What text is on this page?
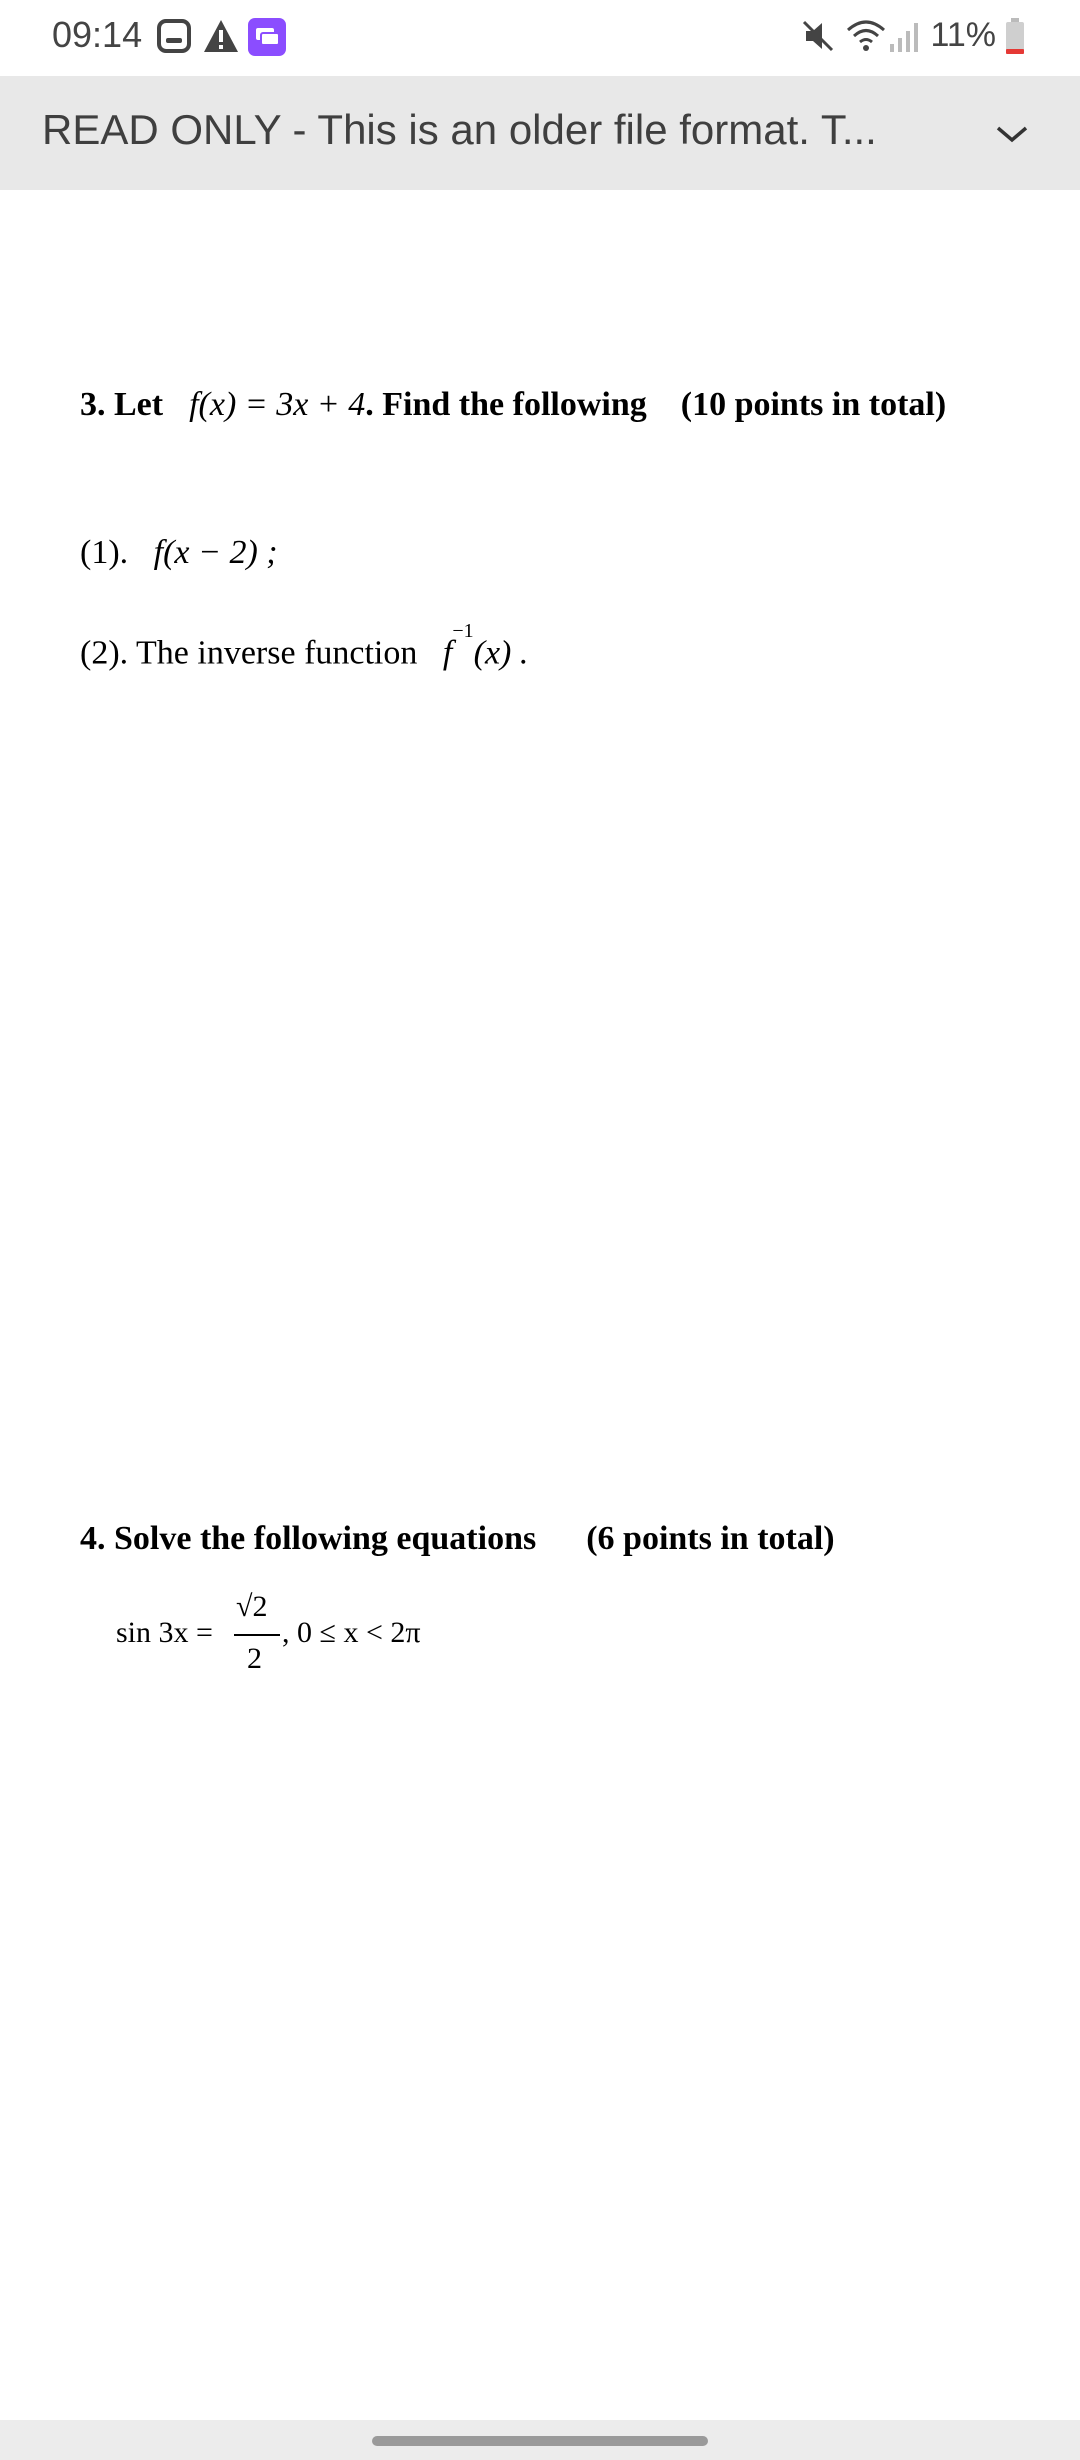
09:14	11%
READ ONLY - This is an older file format. T...
3. Let f(x) = 3x + 4. Find the following (10 points in total)
(1). f(x − 2) ;
(2). The inverse function $f^{-1}(x)$ .
4. Solve the following equations (6 points in total)
sin 3x =
√2
2
, 0 ≤ x < 2π
